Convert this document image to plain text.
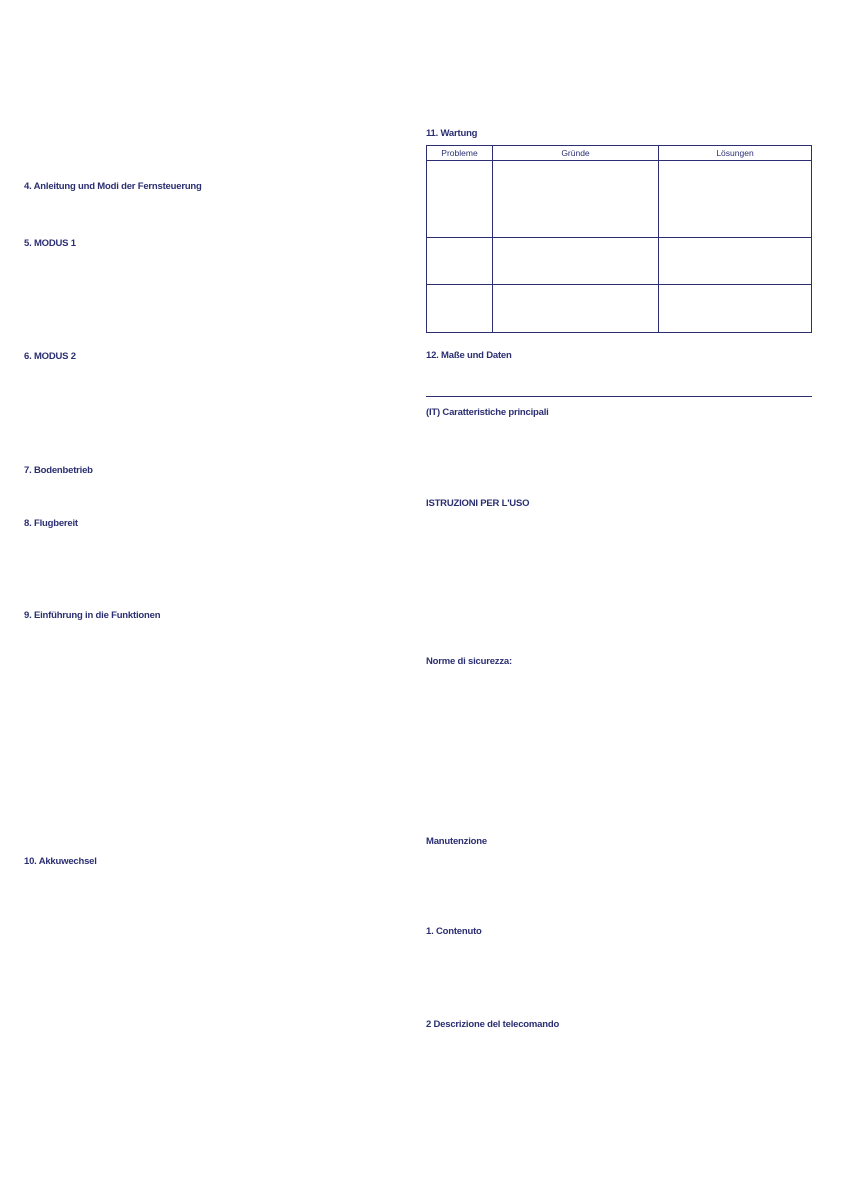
4. Anleitung und Modi der Fernsteuerung
5. MODUS 1
6. MODUS 2
7. Bodenbetrieb
8. Flugbereit
9. Einführung in die Funktionen
10. Akkuwechsel
11. Wartung
Probleme	Gründe	Lösungen

12. Maße und Daten
(IT) Caratteristiche principali
ISTRUZIONI PER L'USO
Norme di sicurezza:
Manutenzione
1. Contenuto
2 Descrizione del telecomando
